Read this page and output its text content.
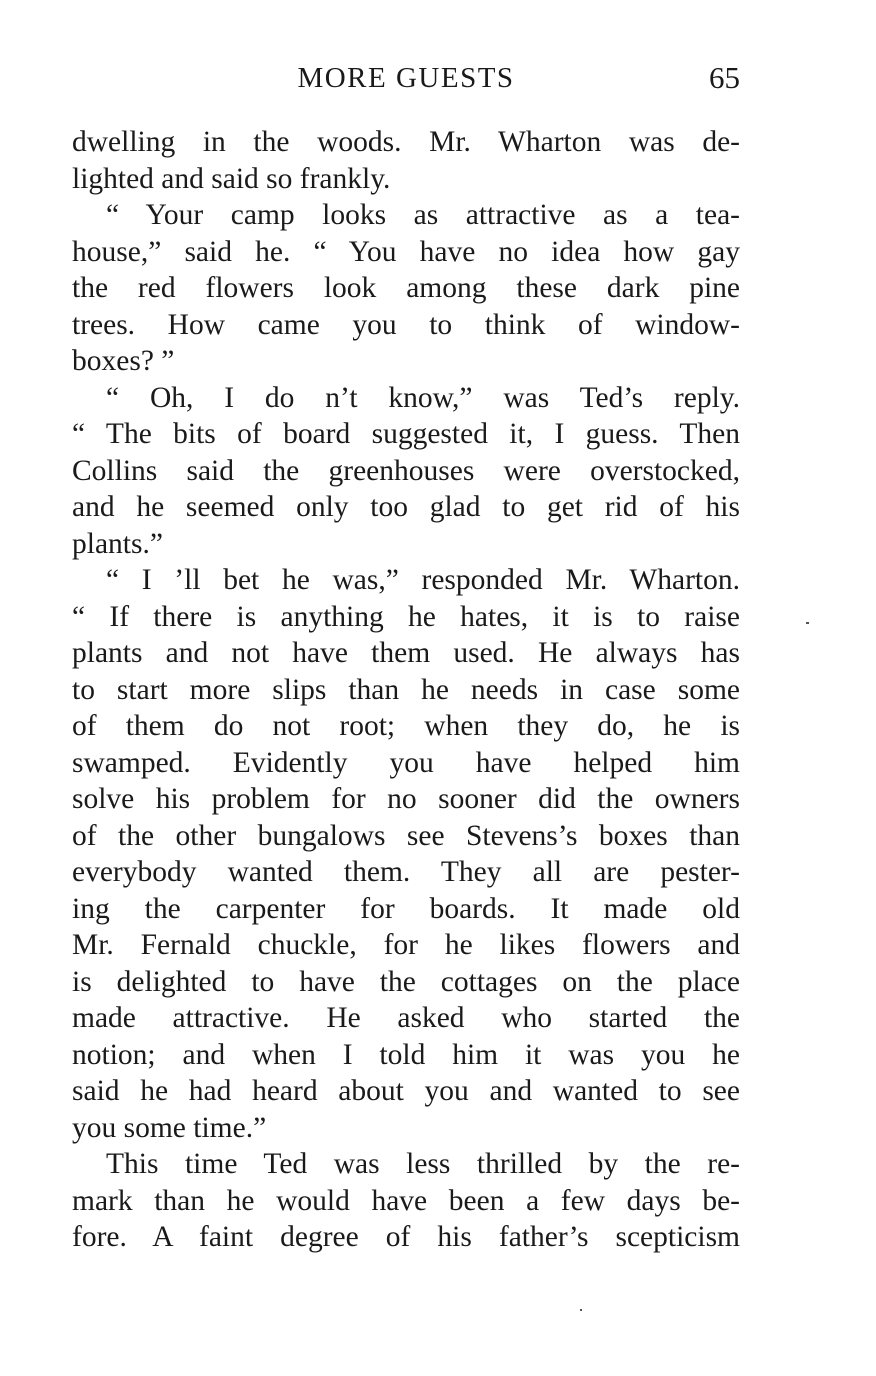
MORE GUESTS	65
dwelling in the woods. Mr. Wharton was de-
lighted and said so frankly.
“ Your camp looks as attractive as a tea-
house,” said he. “ You have no idea how gay
the red flowers look among these dark pine
trees. How came you to think of window-
boxes? ”
“ Oh, I do n’t know,” was Ted’s reply.
“ The bits of board suggested it, I guess. Then
Collins said the greenhouses were overstocked,
and he seemed only too glad to get rid of his
plants.”
“ I ’ll bet he was,” responded Mr. Wharton.
“ If there is anything he hates, it is to raise
plants and not have them used. He always has
to start more slips than he needs in case some
of them do not root; when they do, he is
swamped. Evidently you have helped him
solve his problem for no sooner did the owners
of the other bungalows see Stevens’s boxes than
everybody wanted them. They all are pester-
ing the carpenter for boards. It made old
Mr. Fernald chuckle, for he likes flowers and
is delighted to have the cottages on the place
made attractive. He asked who started the
notion; and when I told him it was you he
said he had heard about you and wanted to see
you some time.”
This time Ted was less thrilled by the re-
mark than he would have been a few days be-
fore. A faint degree of his father’s scepticism
